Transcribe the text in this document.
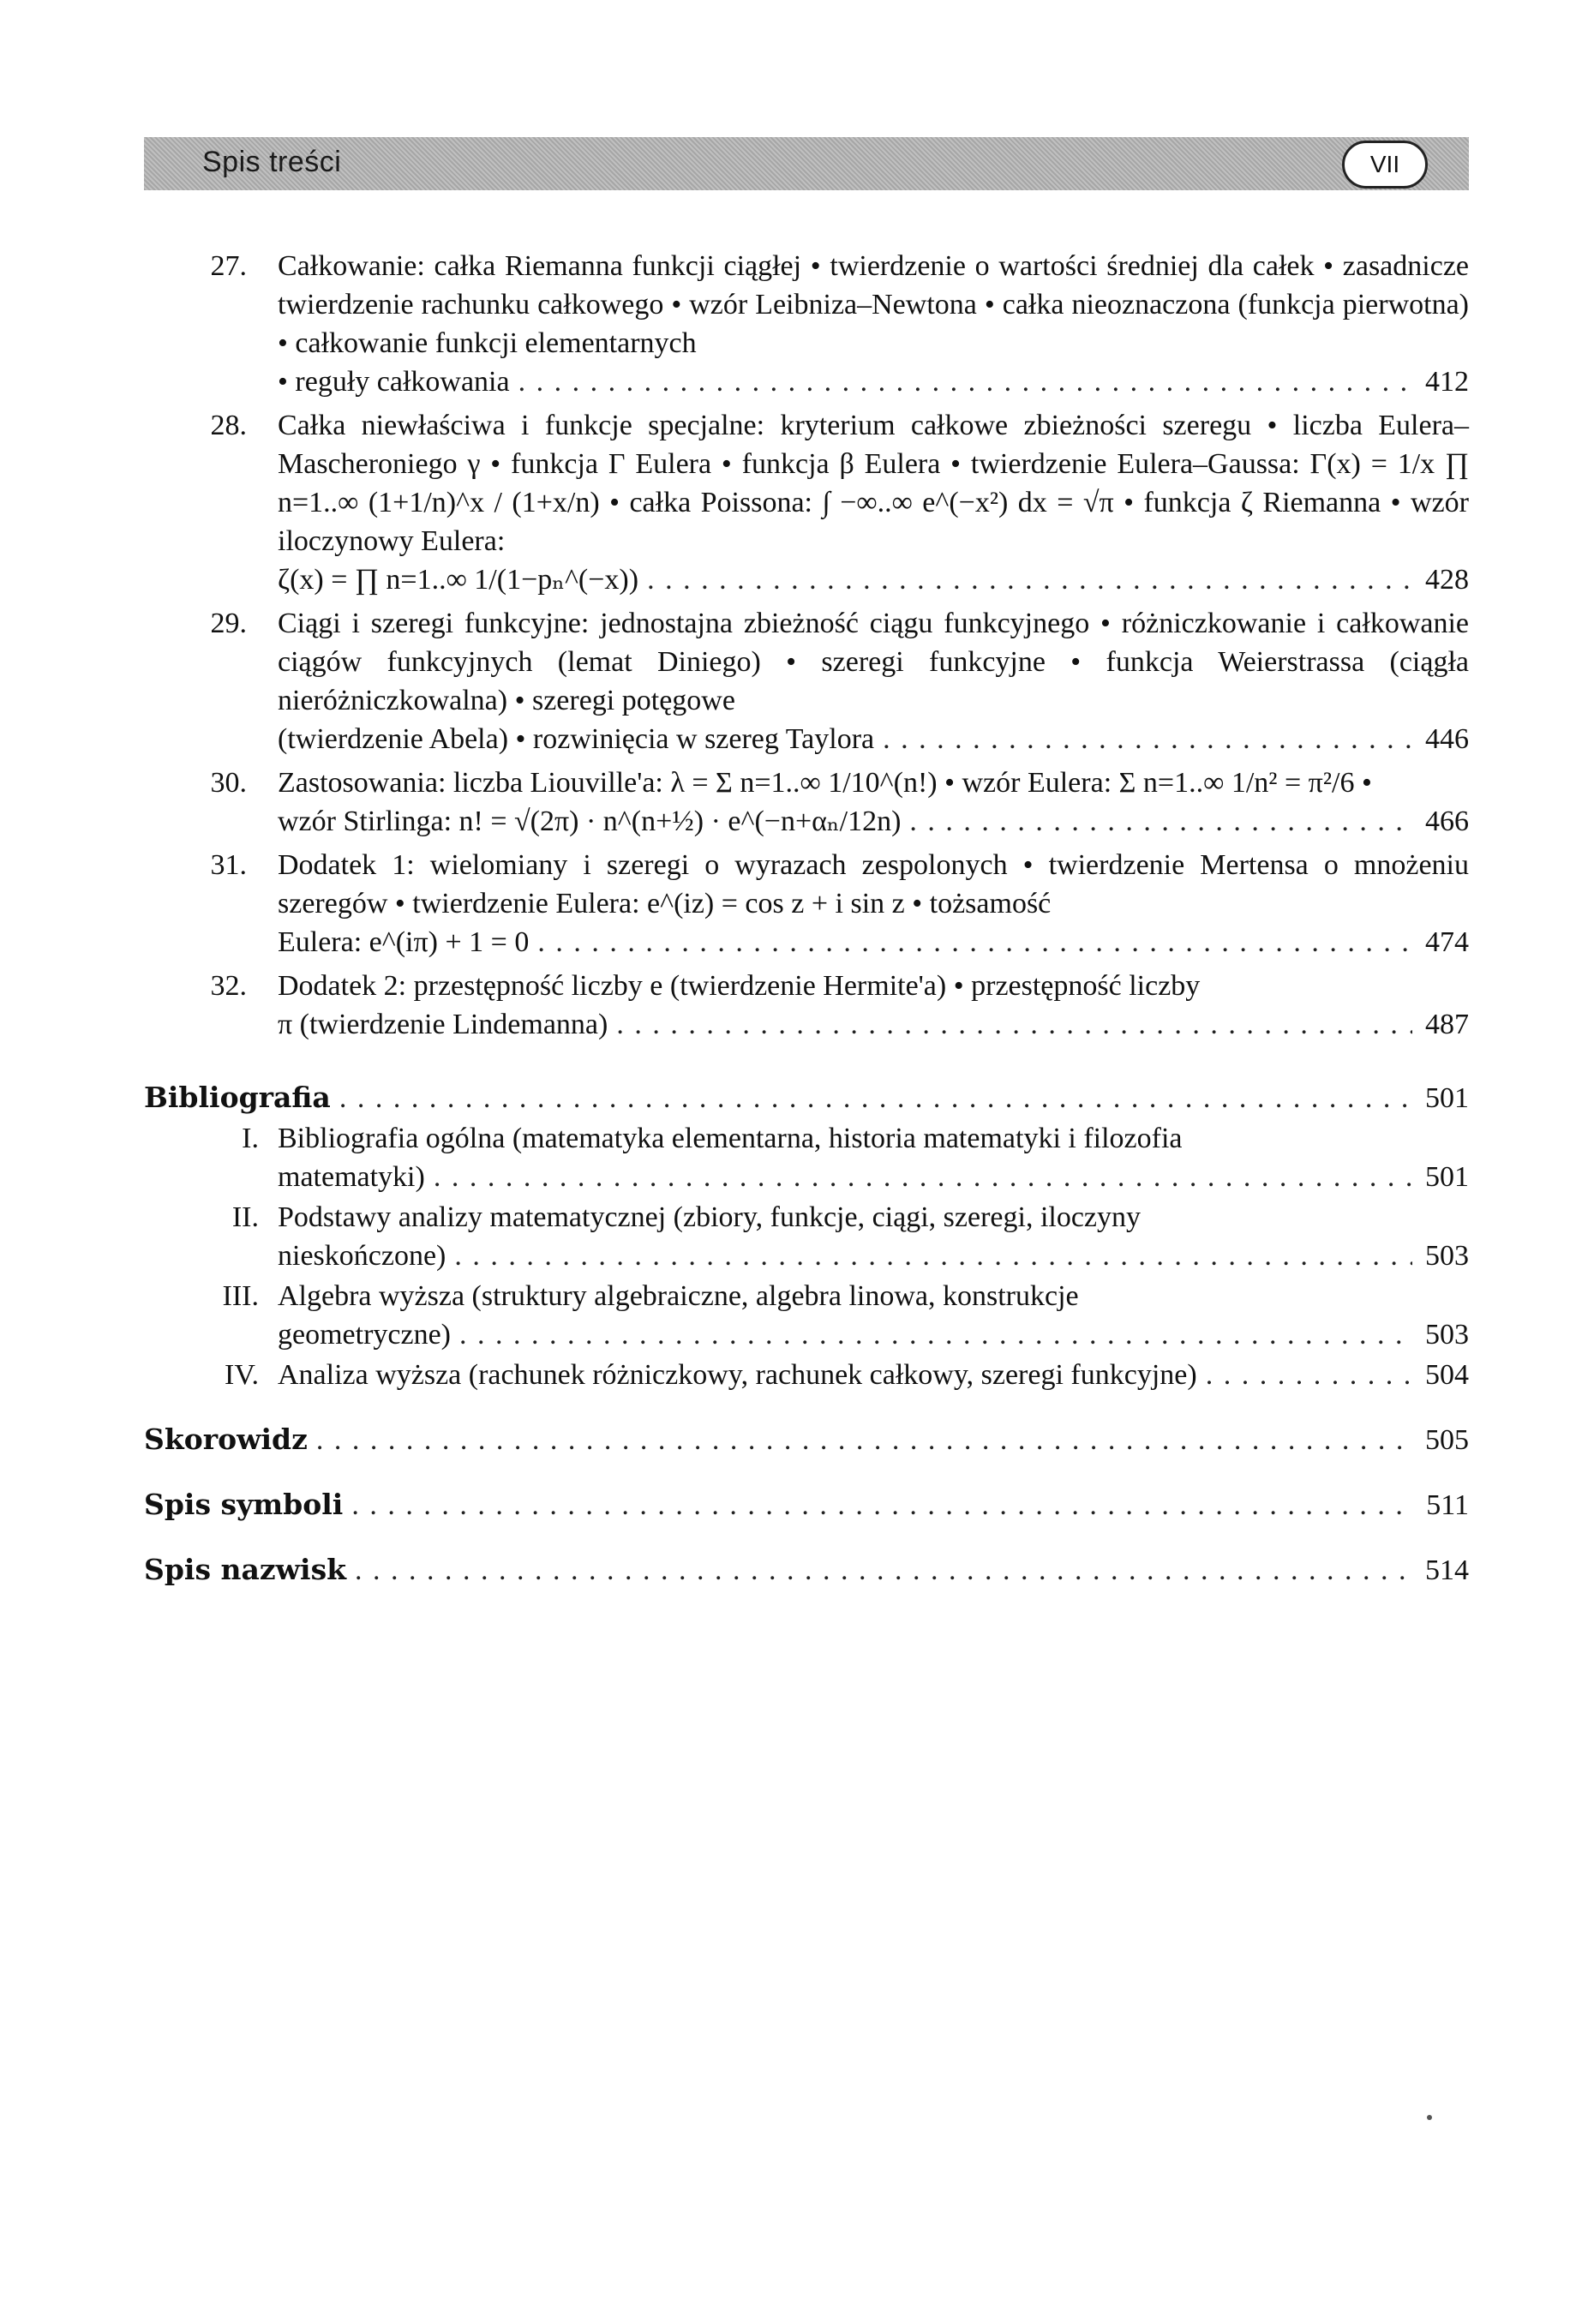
Spis treści	VII
27. Całkowanie: całka Riemanna funkcji ciągłej • twierdzenie o wartości średniej dla całek • zasadnicze twierdzenie rachunku całkowego • wzór Leibniza–Newtona • całka nieoznaczona (funkcja pierwotna) • całkowanie funkcji elementarnych
• reguły całkowania . . .	412
28. Całka niewłaściwa i funkcje specjalne: kryterium całkowe zbieżności szeregu • liczba Eulera–Mascheroniego γ • funkcja Γ Eulera • funkcja β Eulera • twierdzenie Eulera–Gaussa: Γ(x) = 1/x ∏ n=1..∞ (1+1/n)^x / (1+x/n) • całka Poissona: ∫ −∞..∞ e^(−x²) dx = √π • funkcja ζ Riemanna • wzór iloczynowy Eulera:
ζ(x) = ∏ n=1..∞ 1/(1−pₙ^(−x)) . . .	428
29. Ciągi i szeregi funkcyjne: jednostajna zbieżność ciągu funkcyjnego • różniczkowanie i całkowanie ciągów funkcyjnych (lemat Diniego) • szeregi funkcyjne • funkcja Weierstrassa (ciągła nieróżniczkowalna) • szeregi potęgowe
(twierdzenie Abela) • rozwinięcia w szereg Taylora . . .	446
30. Zastosowania: liczba Liouville'a: λ = Σ n=1..∞ 1/10^(n!) • wzór Eulera: Σ n=1..∞ 1/n² = π²/6 •
wzór Stirlinga: n! = √(2π) · n^(n+½) · e^(−n+αₙ/12n) . . .	466
31. Dodatek 1: wielomiany i szeregi o wyrazach zespolonych • twierdzenie Mertensa o mnożeniu szeregów • twierdzenie Eulera: e^(iz) = cos z + i sin z • tożsamość
Eulera: e^(iπ) + 1 = 0 . . .	474
32. Dodatek 2: przestępność liczby e (twierdzenie Hermite'a) • przestępność liczby
π (twierdzenie Lindemanna) . . .	487
Bibliografia . . .	501
I. Bibliografia ogólna (matematyka elementarna, historia matematyki i filozofia
matematyki) . . .	501
II. Podstawy analizy matematycznej (zbiory, funkcje, ciągi, szeregi, iloczyny
nieskończone) . . .	503
III. Algebra wyższa (struktury algebraiczne, algebra linowa, konstrukcje
geometryczne) . . .	503
IV. Analiza wyższa (rachunek różniczkowy, rachunek całkowy, szeregi funkcyjne) . . .	504
Skorowidz . . .	505
Spis symboli . . .	511
Spis nazwisk . . .	514
